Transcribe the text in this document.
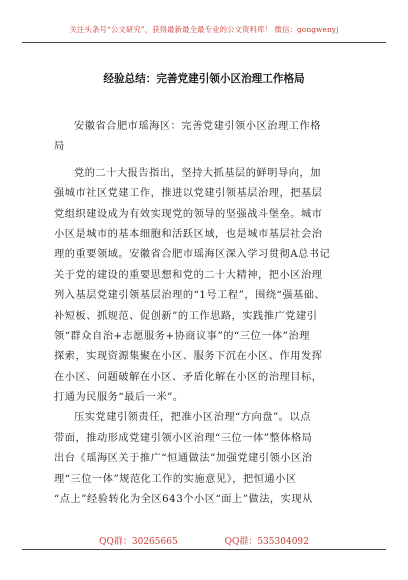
关注头条号“公文研究”，获得最新最全最专业的公文资料库！ 微信：gongwenyj
经验总结：完善党建引领小区治理工作格局
安徽省合肥市瑶海区：完善党建引领小区治理工作格
局
党的二十大报告指出，坚持大抓基层的鲜明导向，加
强城市社区党建工作，推进以党建引领基层治理，把基层
党组织建设成为有效实现党的领导的坚强战斗堡垒。城市
小区是城市的基本细胞和活跃区域，也是城市基层社会治
理的重要领域。安徽省合肥市瑶海区深入学习贯彻A总书记
关于党的建设的重要思想和党的二十大精神，把小区治理
列入基层党建引领基层治理的“1号工程”，围绕“强基础、
补短板、抓规范、促创新”的工作思路，实践推广党建引
领“群众自治+志愿服务+协商议事”的“三位一体”治理
探索，实现资源集聚在小区、服务下沉在小区、作用发挥
在小区、问题破解在小区、矛盾化解在小区的治理目标，
打通为民服务“最后一米”。
压实党建引领责任，把准小区治理“方向盘”。以点
带面，推动形成党建引领小区治理“三位一体”整体格局
出台《瑶海区关于推广“恒通做法”加强党建引领小区治
理“三位一体”规范化工作的实施意见》，把恒通小区
“点上”经验转化为全区643个小区“面上”做法，实现从
QQ群：30265665	QQ群：535304092
